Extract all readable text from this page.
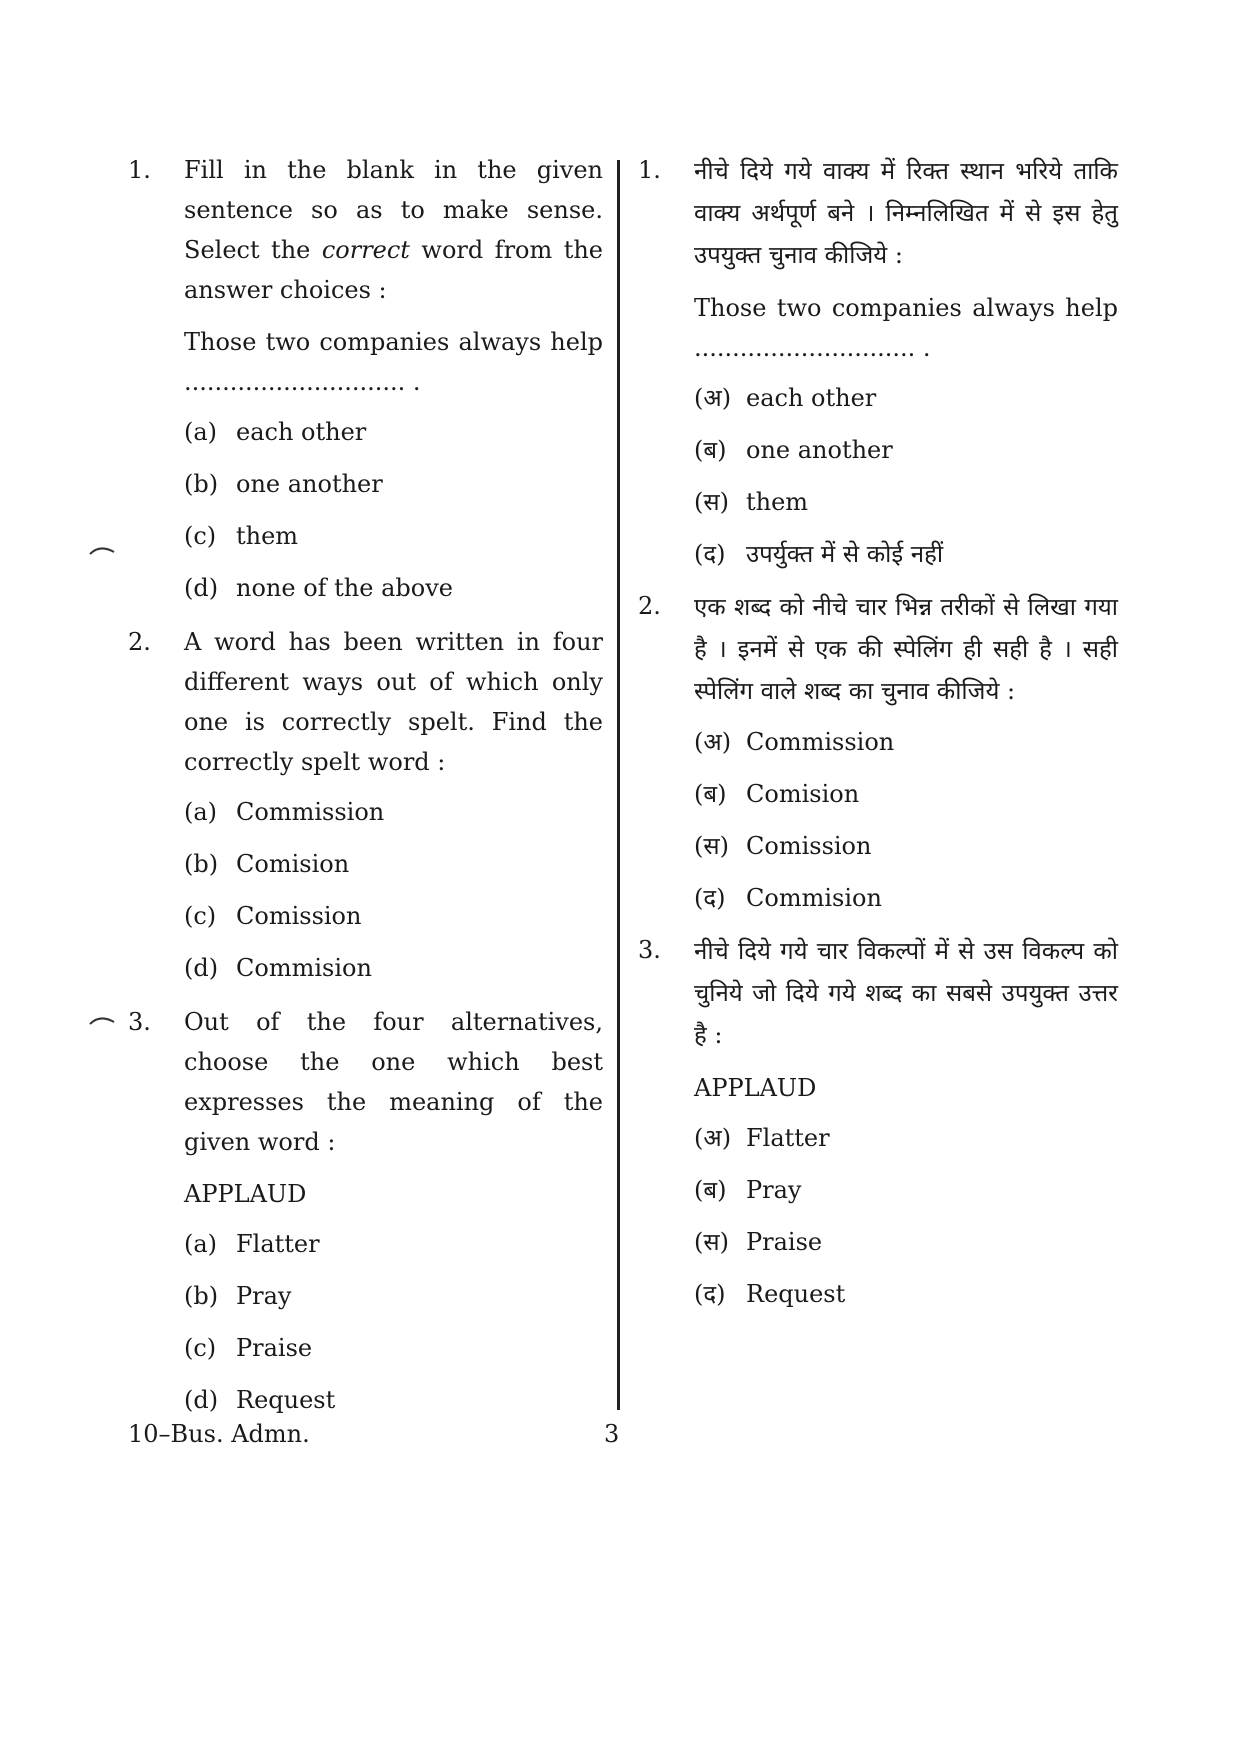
1. Fill in the blank in the given sentence so as to make sense. Select the correct word from the answer choices :

Those two companies always help ............................. .

(a) each other
(b) one another
(c) them
(d) none of the above
2. A word has been written in four different ways out of which only one is correctly spelt. Find the correctly spelt word :

(a) Commission
(b) Comision
(c) Comission
(d) Commision
3. Out of the four alternatives, choose the one which best expresses the meaning of the given word :

APPLAUD

(a) Flatter
(b) Pray
(c) Praise
(d) Request
1. नीचे दिये गये वाक्य में रिक्त स्थान भरिये ताकि वाक्य अर्थपूर्ण बने । निम्नलिखित में से इस हेतु उपयुक्त चुनाव कीजिये :

Those two companies always help ............................. .

(अ) each other
(ब) one another
(स) them
(द) उपर्युक्त में से कोई नहीं
2. एक शब्द को नीचे चार भिन्न तरीकों से लिखा गया है । इनमें से एक की स्पेलिंग ही सही है । सही स्पेलिंग वाले शब्द का चुनाव कीजिये :

(अ) Commission
(ब) Comision
(स) Comission
(द) Commision
3. नीचे दिये गये चार विकल्पों में से उस विकल्प को चुनिये जो दिये गये शब्द का सबसे उपयुक्त उत्तर है :

APPLAUD

(अ) Flatter
(ब) Pray
(स) Praise
(द) Request
10–Bus. Admn.	3
